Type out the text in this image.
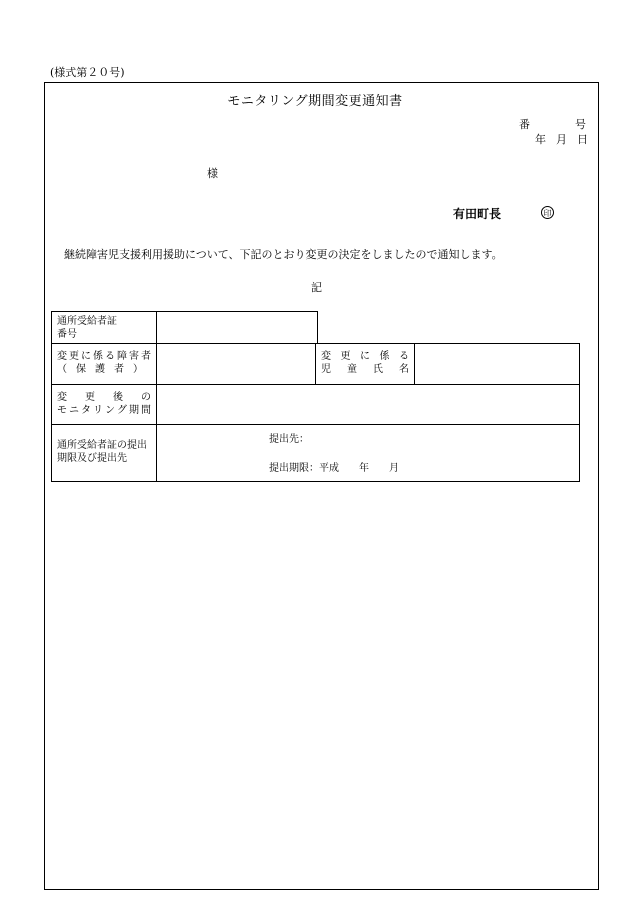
(様式第２０号)
モニタリング期間変更通知書
番	号
年 月 日
様
有田町長	印
継続障害児支援利用援助について、下記のとおり変更の決定をしましたので通知します。
記
通所受給者証
番号
変 更 に 係 る 障 害 者
（ 保 護 者 ）
変 更 に 係 る
児 童 氏 名
変 更 後 の
モ ニ タ リ ン グ 期 間
通所受給者証の提出
期限及び提出先
提出先：
提出期限：平成　　年　　月
